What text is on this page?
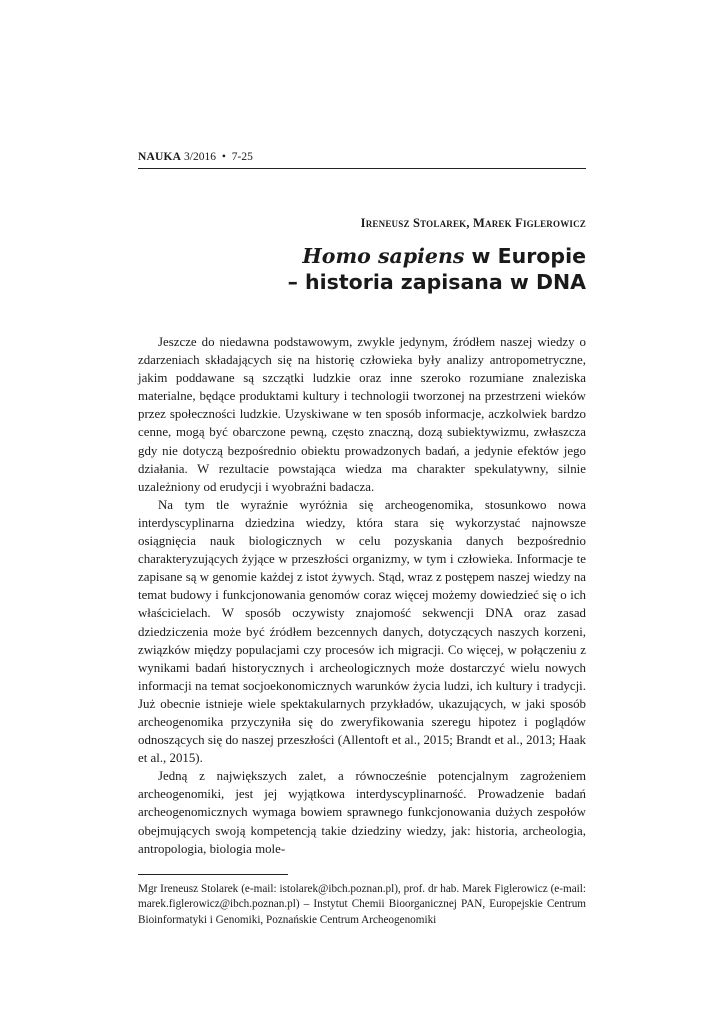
NAUKA 3/2016 • 7-25
Ireneusz Stolarek, Marek Figlerowicz
Homo sapiens w Europie
– historia zapisana w DNA

Jeszcze do niedawna podstawowym, zwykle jedynym, źródłem naszej wiedzy o zdarzeniach składających się na historię człowieka były analizy antropometryczne, jakim poddawane są szczątki ludzkie oraz inne szeroko rozumiane znaleziska materialne, będące produktami kultury i technologii tworzonej na przestrzeni wieków przez społeczności ludzkie. Uzyskiwane w ten sposób informacje, aczkolwiek bardzo cenne, mogą być obarczone pewną, często znaczną, dozą subiektywizmu, zwłaszcza gdy nie dotyczą bezpośrednio obiektu prowadzonych badań, a jedynie efektów jego działania. W rezultacie powstająca wiedza ma charakter spekulatywny, silnie uzależniony od erudycji i wyobraźni badacza.

Na tym tle wyraźnie wyróżnia się archeogenomika, stosunkowo nowa interdyscyplinarna dziedzina wiedzy, która stara się wykorzystać najnowsze osiągnięcia nauk biologicznych w celu pozyskania danych bezpośrednio charakteryzujących żyjące w przeszłości organizmy, w tym i człowieka. Informacje te zapisane są w genomie każdej z istot żywych. Stąd, wraz z postępem naszej wiedzy na temat budowy i funkcjonowania genomów coraz więcej możemy dowiedzieć się o ich właścicielach. W sposób oczywisty znajomość sekwencji DNA oraz zasad dziedziczenia może być źródłem bezcennych danych, dotyczących naszych korzeni, związków między populacjami czy procesów ich migracji. Co więcej, w połączeniu z wynikami badań historycznych i archeologicznych może dostarczyć wielu nowych informacji na temat socjoekonomicznych warunków życia ludzi, ich kultury i tradycji. Już obecnie istnieje wiele spektakularnych przykładów, ukazujących, w jaki sposób archeogenomika przyczyniła się do zweryfikowania szeregu hipotez i poglądów odnoszących się do naszej przeszłości (Allentoft et al., 2015; Brandt et al., 2013; Haak et al., 2015).

Jedną z największych zalet, a równocześnie potencjalnym zagrożeniem archeogenomiki, jest jej wyjątkowa interdyscyplinarność. Prowadzenie badań archeogenomicznych wymaga bowiem sprawnego funkcjonowania dużych zespołów obejmujących swoją kompetencją takie dziedziny wiedzy, jak: historia, archeologia, antropologia, biologia mole-

Mgr Ireneusz Stolarek (e-mail: istolarek@ibch.poznan.pl), prof. dr hab. Marek Figlerowicz (e-mail: marek.figlerowicz@ibch.poznan.pl) – Instytut Chemii Bioorganicznej PAN, Europejskie Centrum Bioinformatyki i Genomiki, Poznańskie Centrum Archeogenomiki
